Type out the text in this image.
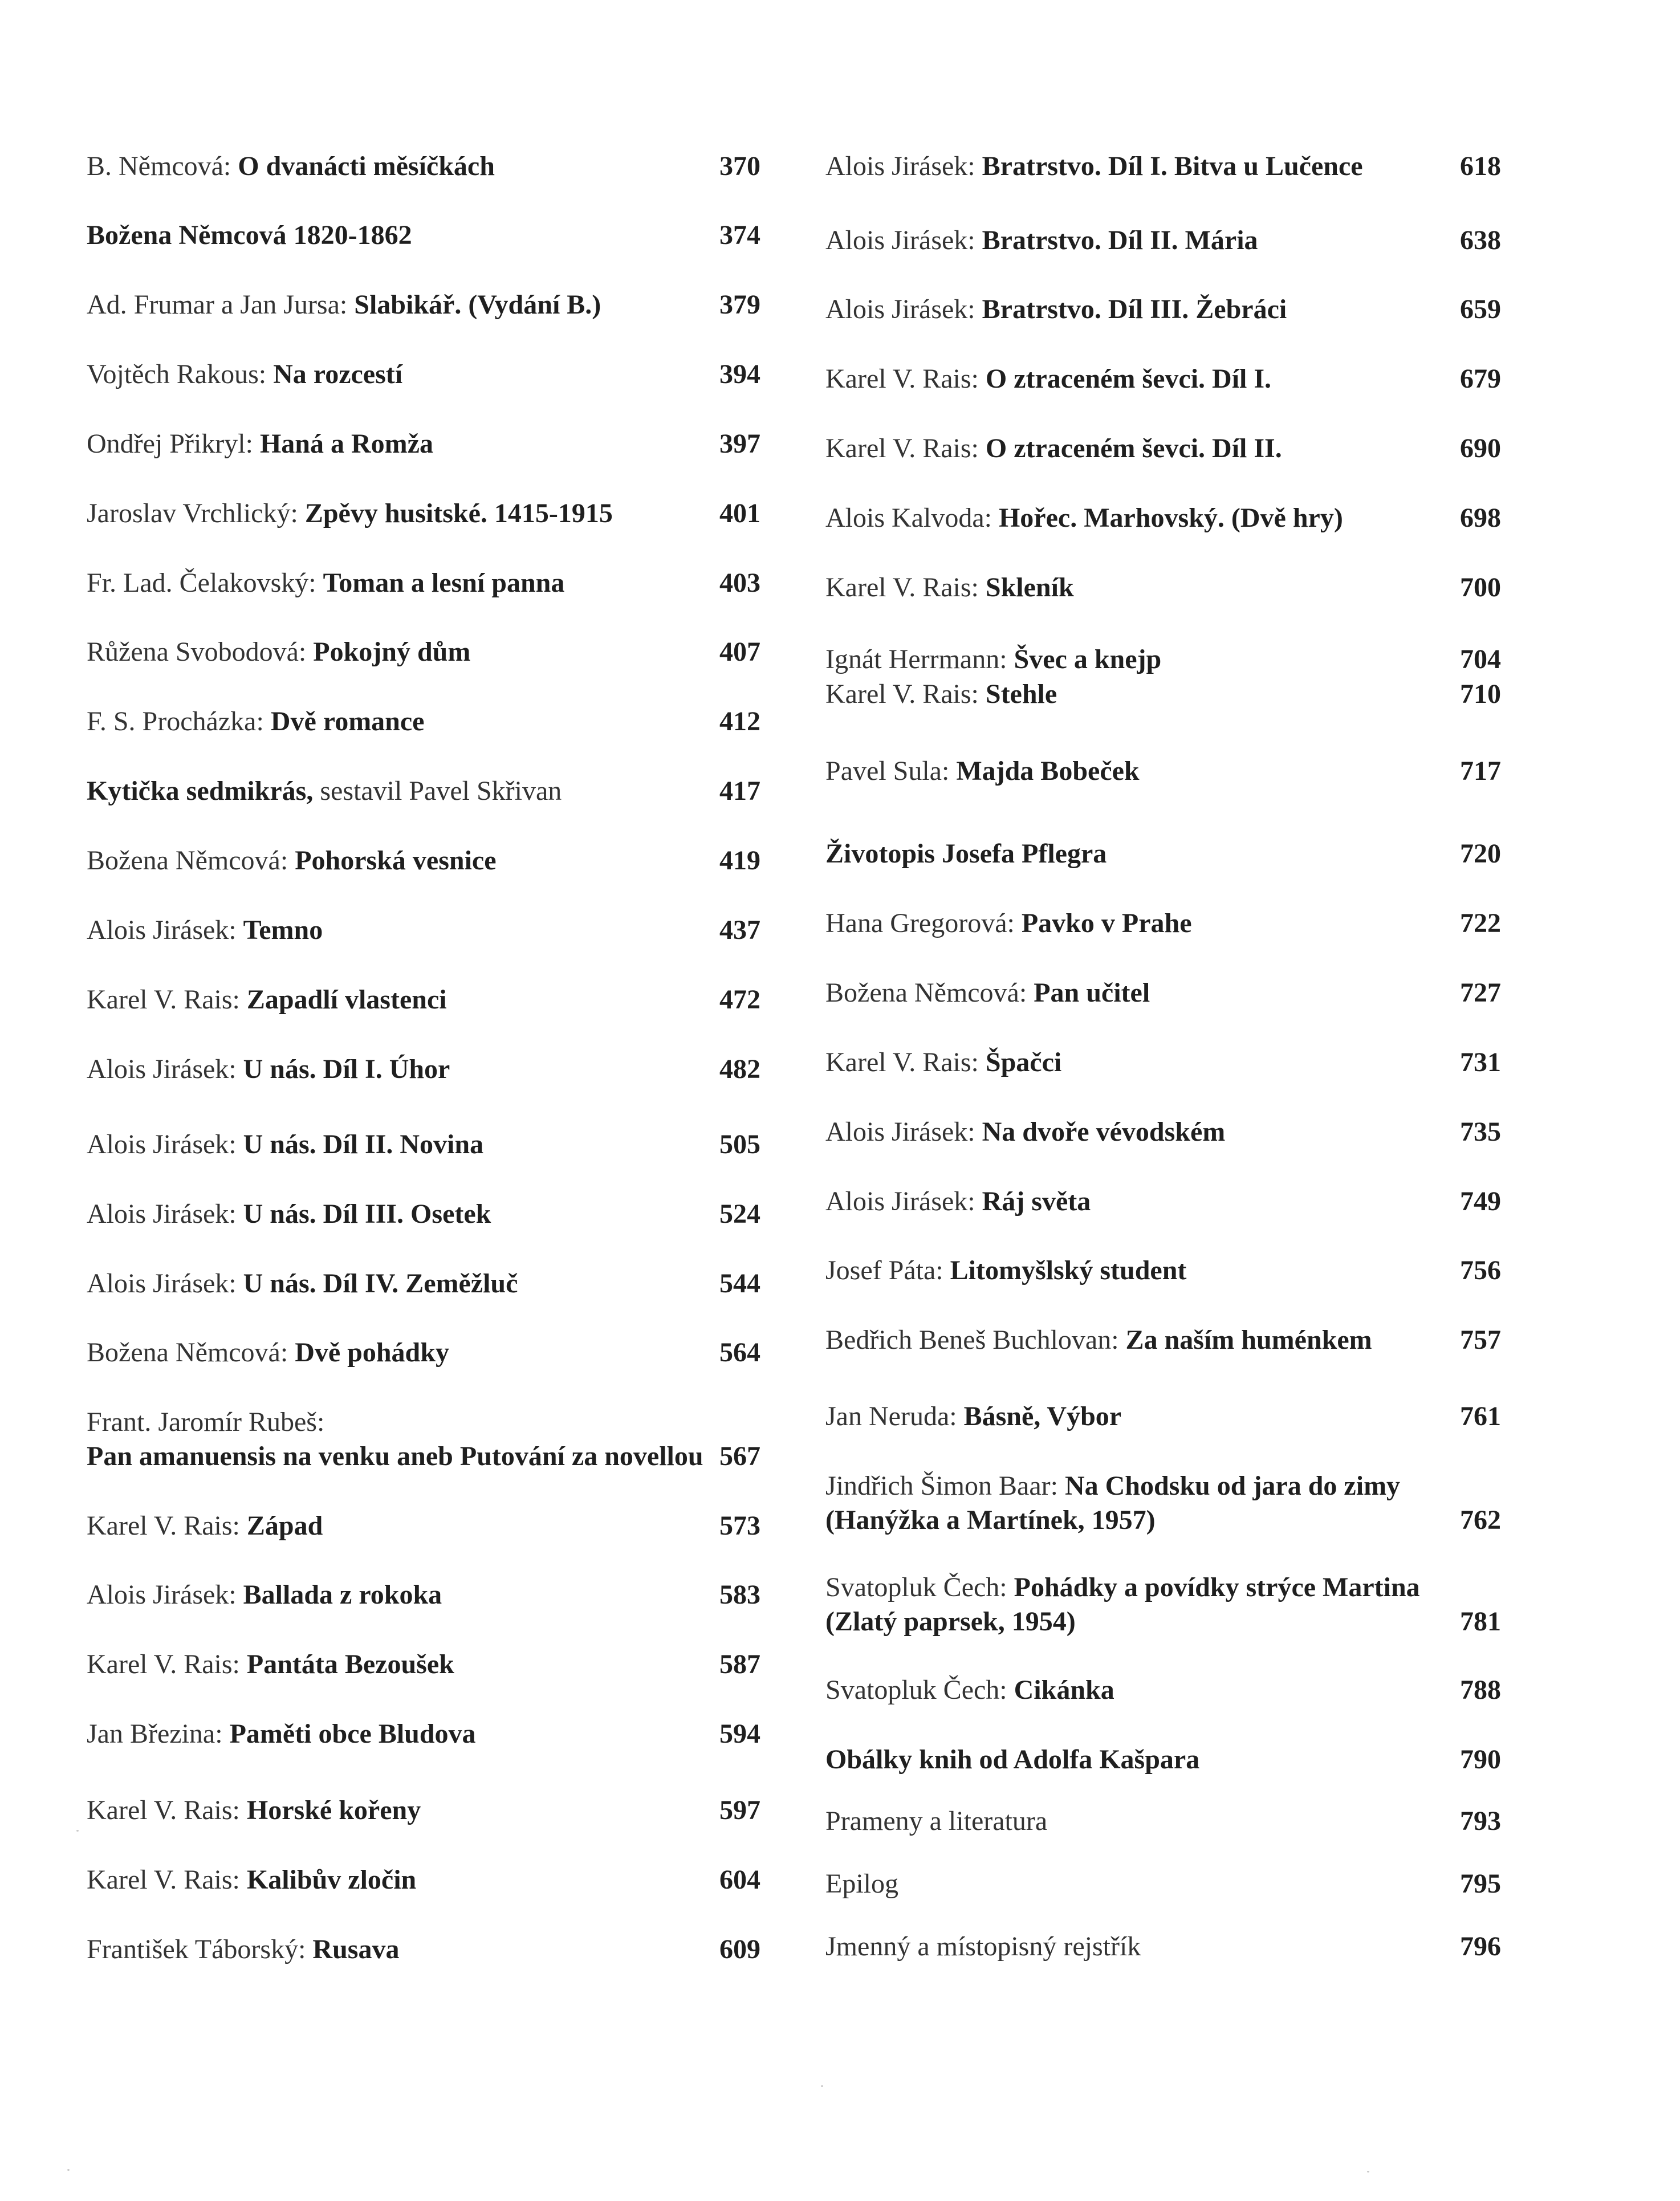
B. Němcová: O dvanácti měsíčkách	370
Božena Němcová 1820-1862	374
Ad. Frumar a Jan Jursa: Slabikář. (Vydání B.)	379
Vojtěch Rakous: Na rozcestí	394
Ondřej Přikryl: Haná a Romža	397
Jaroslav Vrchlický: Zpěvy husitské. 1415-1915	401
Fr. Lad. Čelakovský: Toman a lesní panna	403
Růžena Svobodová: Pokojný dům	407
F. S. Procházka: Dvě romance	412
Kytička sedmikrás, sestavil Pavel Skřivan	417
Božena Němcová: Pohorská vesnice	419
Alois Jirásek: Temno	437
Karel V. Rais: Zapadlí vlastenci	472
Alois Jirásek: U nás. Díl I. Úhor	482
Alois Jirásek: U nás. Díl II. Novina	505
Alois Jirásek: U nás. Díl III. Osetek	524
Alois Jirásek: U nás. Díl IV. Zeměžluč	544
Božena Němcová: Dvě pohádky	564
Frant. Jaromír Rubeš:
Pan amanuensis na venku aneb Putování za novellou 567
Karel V. Rais: Západ	573
Alois Jirásek: Ballada z rokoka	583
Karel V. Rais: Pantáta Bezoušek	587
Jan Březina: Paměti obce Bludova	594
Karel V. Rais: Horské kořeny	597
Karel V. Rais: Kalibův zločin	604
František Táborský: Rusava	609
Alois Jirásek: Bratrstvo. Díl I. Bitva u Lučence	618
Alois Jirásek: Bratrstvo. Díl II. Mária	638
Alois Jirásek: Bratrstvo. Díl III. Žebráci	659
Karel V. Rais: O ztraceném ševci. Díl I.	679
Karel V. Rais: O ztraceném ševci. Díl II.	690
Alois Kalvoda: Hořec. Marhovský. (Dvě hry)	698
Karel V. Rais: Skleník	700
Ignát Herrmann: Švec a knejp	704
Karel V. Rais: Stehle	710
Pavel Sula: Majda Bobeček	717
Životopis Josefa Pflegra	720
Hana Gregorová: Pavko v Prahe	722
Božena Němcová: Pan učitel	727
Karel V. Rais: Špačci	731
Alois Jirásek: Na dvoře vévodském	735
Alois Jirásek: Ráj světa	749
Josef Páta: Litomyšlský student	756
Bedřich Beneš Buchlovan: Za naším huménkem	757
Jan Neruda: Básně, Výbor	761
Jindřich Šimon Baar: Na Chodsku od jara do zimy
(Hanýžka a Martínek, 1957)	762
Svatopluk Čech: Pohádky a povídky strýce Martina
(Zlatý paprsek, 1954)	781
Svatopluk Čech: Cikánka	788
Obálky knih od Adolfa Kašpara	790
Prameny a literatura	793
Epilog	795
Jmenný a místopisný rejstřík	796
